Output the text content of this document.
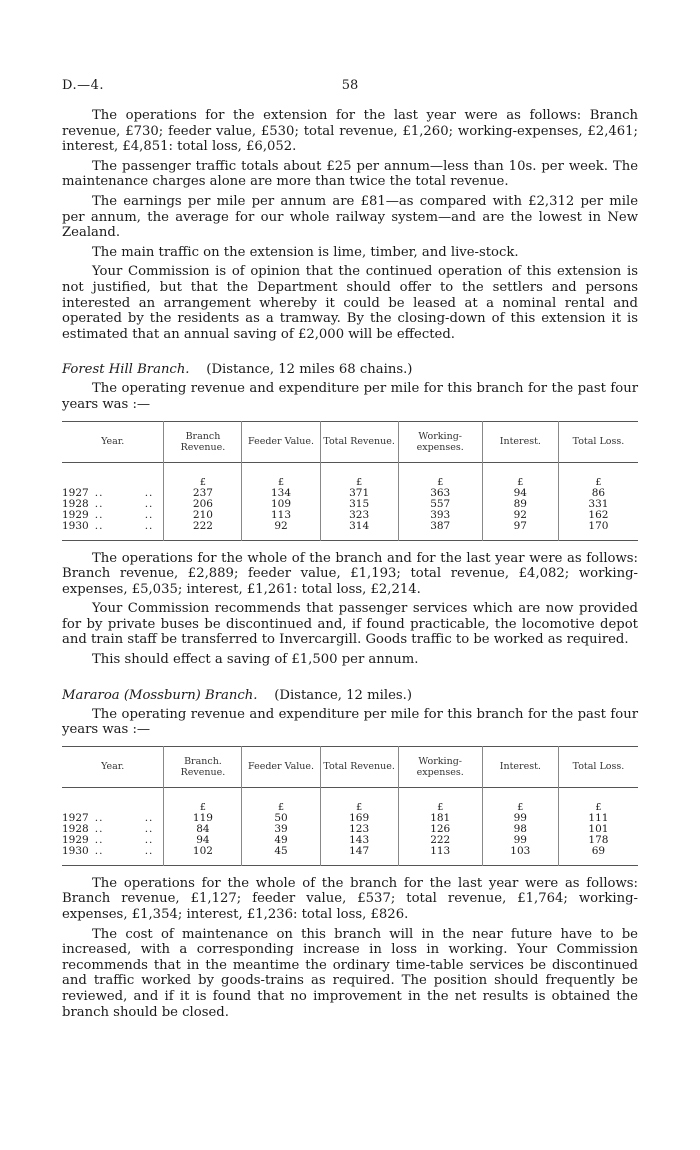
D.—4.	58

The operations for the extension for the last year were as follows: Branch revenue, £730; feeder value, £530; total revenue, £1,260; working-expenses, £2,461; interest, £4,851: total loss, £6,052.

The passenger traffic totals about £25 per annum—less than 10s. per week. The maintenance charges alone are more than twice the total revenue.

The earnings per mile per annum are £81—as compared with £2,312 per mile per annum, the average for our whole railway system—and are the lowest in New Zealand.

The main traffic on the extension is lime, timber, and live-stock.

Your Commission is of opinion that the continued operation of this extension is not justified, but that the Department should offer to the settlers and persons interested an arrangement whereby it could be leased at a nominal rental and operated by the residents as a tramway. By the closing-down of this extension it is estimated that an annual saving of £2,000 will be effected.

Forest Hill Branch. (Distance, 12 miles 68 chains.)

The operating revenue and expenditure per mile for this branch for the past four years was :—

Year.	Branch Revenue.	Feeder Value.	Total Revenue.	Working-expenses.	Interest.	Total Loss.
	£	£	£	£	£	£
1927 .. ..	237	134	371	363	94	86
1928 .. ..	206	109	315	557	89	331
1929 .. ..	210	113	323	393	92	162
1930 .. ..	222	92	314	387	97	170

The operations for the whole of the branch and for the last year were as follows: Branch revenue, £2,889; feeder value, £1,193; total revenue, £4,082; working-expenses, £5,035; interest, £1,261: total loss, £2,214.

Your Commission recommends that passenger services which are now provided for by private buses be discontinued and, if found practicable, the locomotive depot and train staff be transferred to Invercargill. Goods traffic to be worked as required.

This should effect a saving of £1,500 per annum.

Mararoa (Mossburn) Branch. (Distance, 12 miles.)

The operating revenue and expenditure per mile for this branch for the past four years was :—

Year.	Branch. Revenue.	Feeder Value.	Total Revenue.	Working-expenses.	Interest.	Total Loss.
	£	£	£	£	£	£
1927 .. ..	119	50	169	181	99	111
1928 .. ..	84	39	123	126	98	101
1929 .. ..	94	49	143	222	99	178
1930 .. ..	102	45	147	113	103	69

The operations for the whole of the branch for the last year were as follows: Branch revenue, £1,127; feeder value, £537; total revenue, £1,764; working-expenses, £1,354; interest, £1,236: total loss, £826.

The cost of maintenance on this branch will in the near future have to be increased, with a corresponding increase in loss in working. Your Commission recommends that in the meantime the ordinary time-table services be discontinued and traffic worked by goods-trains as required. The position should frequently be reviewed, and if it is found that no improvement in the net results is obtained the branch should be closed.
